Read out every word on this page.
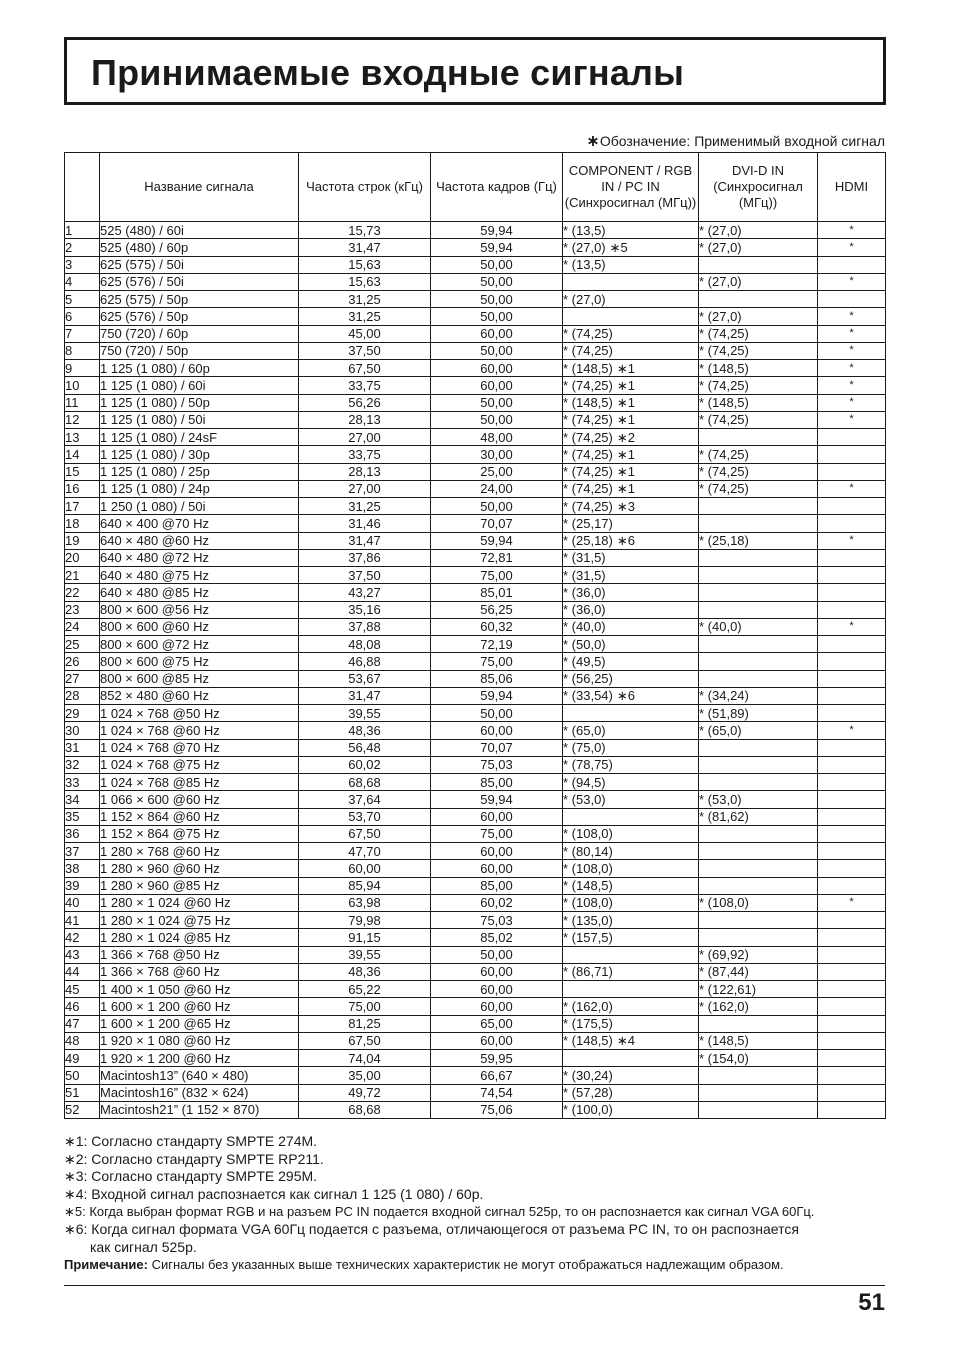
Принимаемые входные сигналы
∗Обозначение: Применимый входной сигнал
	Название сигнала	Частота строк (кГц)	Частота кадров (Гц)	COMPONENT / RGB IN / PC IN (Синхросигнал (МГц))	DVI-D IN (Синхросигнал (МГц))	HDMI
1	525 (480) / 60i	15,73	59,94	* (13,5)	* (27,0)	*
2	525 (480) / 60p	31,47	59,94	* (27,0) ∗5	* (27,0)	*
3	625 (575) / 50i	15,63	50,00	* (13,5)		
4	625 (576) / 50i	15,63	50,00		* (27,0)	*
5	625 (575) / 50p	31,25	50,00	* (27,0)		
6	625 (576) / 50p	31,25	50,00		* (27,0)	*
7	750 (720) / 60p	45,00	60,00	* (74,25)	* (74,25)	*
8	750 (720) / 50p	37,50	50,00	* (74,25)	* (74,25)	*
9	1 125 (1 080) / 60p	67,50	60,00	* (148,5) ∗1	* (148,5)	*
10	1 125 (1 080) / 60i	33,75	60,00	* (74,25) ∗1	* (74,25)	*
11	1 125 (1 080) / 50p	56,26	50,00	* (148,5) ∗1	* (148,5)	*
12	1 125 (1 080) / 50i	28,13	50,00	* (74,25) ∗1	* (74,25)	*
13	1 125 (1 080) / 24sF	27,00	48,00	* (74,25) ∗2		
14	1 125 (1 080) / 30p	33,75	30,00	* (74,25) ∗1	* (74,25)	
15	1 125 (1 080) / 25p	28,13	25,00	* (74,25) ∗1	* (74,25)	
16	1 125 (1 080) / 24p	27,00	24,00	* (74,25) ∗1	* (74,25)	*
17	1 250 (1 080) / 50i	31,25	50,00	* (74,25) ∗3		
18	640 × 400 @70 Hz	31,46	70,07	* (25,17)		
19	640 × 480 @60 Hz	31,47	59,94	* (25,18) ∗6	* (25,18)	*
20	640 × 480 @72 Hz	37,86	72,81	* (31,5)		
21	640 × 480 @75 Hz	37,50	75,00	* (31,5)		
22	640 × 480 @85 Hz	43,27	85,01	* (36,0)		
23	800 × 600 @56 Hz	35,16	56,25	* (36,0)		
24	800 × 600 @60 Hz	37,88	60,32	* (40,0)	* (40,0)	*
25	800 × 600 @72 Hz	48,08	72,19	* (50,0)		
26	800 × 600 @75 Hz	46,88	75,00	* (49,5)		
27	800 × 600 @85 Hz	53,67	85,06	* (56,25)		
28	852 × 480 @60 Hz	31,47	59,94	* (33,54) ∗6	* (34,24)	
29	1 024 × 768 @50 Hz	39,55	50,00		* (51,89)	
30	1 024 × 768 @60 Hz	48,36	60,00	* (65,0)	* (65,0)	*
31	1 024 × 768 @70 Hz	56,48	70,07	* (75,0)		
32	1 024 × 768 @75 Hz	60,02	75,03	* (78,75)		
33	1 024 × 768 @85 Hz	68,68	85,00	* (94,5)		
34	1 066 × 600 @60 Hz	37,64	59,94	* (53,0)	* (53,0)	
35	1 152 × 864 @60 Hz	53,70	60,00		* (81,62)	
36	1 152 × 864 @75 Hz	67,50	75,00	* (108,0)		
37	1 280 × 768 @60 Hz	47,70	60,00	* (80,14)		
38	1 280 × 960 @60 Hz	60,00	60,00	* (108,0)		
39	1 280 × 960 @85 Hz	85,94	85,00	* (148,5)		
40	1 280 × 1 024 @60 Hz	63,98	60,02	* (108,0)	* (108,0)	*
41	1 280 × 1 024 @75 Hz	79,98	75,03	* (135,0)		
42	1 280 × 1 024 @85 Hz	91,15	85,02	* (157,5)		
43	1 366 × 768 @50 Hz	39,55	50,00		* (69,92)	
44	1 366 × 768 @60 Hz	48,36	60,00	* (86,71)	* (87,44)	
45	1 400 × 1 050 @60 Hz	65,22	60,00		* (122,61)	
46	1 600 × 1 200 @60 Hz	75,00	60,00	* (162,0)	* (162,0)	
47	1 600 × 1 200 @65 Hz	81,25	65,00	* (175,5)		
48	1 920 × 1 080 @60 Hz	67,50	60,00	* (148,5) ∗4	* (148,5)	
49	1 920 × 1 200 @60 Hz	74,04	59,95		* (154,0)	
50	Macintosh13” (640 × 480)	35,00	66,67	* (30,24)		
51	Macintosh16” (832 × 624)	49,72	74,54	* (57,28)		
52	Macintosh21” (1 152 × 870)	68,68	75,06	* (100,0)		
∗1: Согласно стандарту SMPTE 274M.
∗2: Согласно стандарту SMPTE RP211.
∗3: Согласно стандарту SMPTE 295M.
∗4: Входной сигнал распознается как сигнал 1 125 (1 080) / 60p.
∗5: Когда выбран формат RGB и на разъем PC IN подается входной сигнал 525p, то он распознается как сигнал VGA 60Гц.
∗6: Когда сигнал формата VGA 60Гц подается с разъема, отличающегося от разъема PC IN, то он распознается
как сигнал 525p.
Примечание: Сигналы без указанных выше технических характеристик не могут отображаться надлежащим образом.
51
